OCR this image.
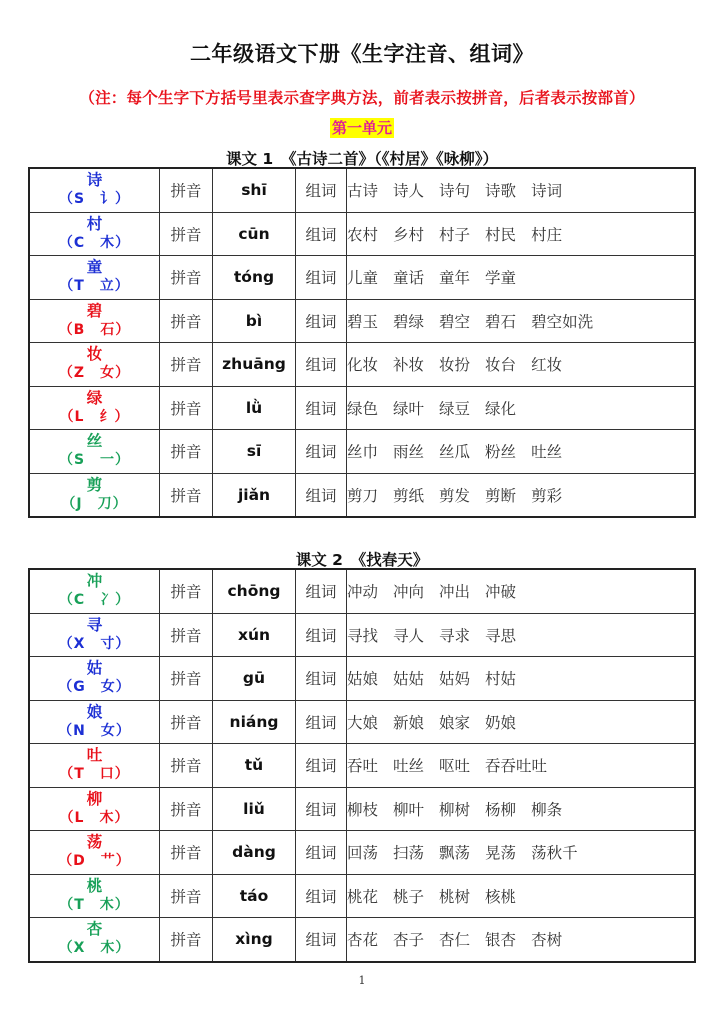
二年级语文下册《生字注音、组词》
（注：每个生字下方括号里表示查字典方法，前者表示按拼音，后者表示按部首）
第一单元
课文 1　《古诗二首》（《村居》《咏柳》）
诗
（S　讠）	拼音	shī	组词	古诗 诗人 诗句 诗歌 诗词

村
（C　木）	拼音	cūn	组词	农村 乡村 村子 村民 村庄

童
（T　立）	拼音	tóng	组词	儿童 童话 童年 学童

碧
（B　石）	拼音	bì	组词	碧玉 碧绿 碧空 碧石 碧空如洗

妆
（Z　女）	拼音	zhuāng	组词	化妆 补妆 妆扮 妆台 红妆

绿
（L　纟）	拼音	lǜ	组词	绿色 绿叶 绿豆 绿化

丝
（S　一）	拼音	sī	组词	丝巾 雨丝 丝瓜 粉丝 吐丝

剪
（J　刀）	拼音	jiǎn	组词	剪刀 剪纸 剪发 剪断 剪彩
课文 2　《找春天》
冲
（C　冫）	拼音	chōng	组词	冲动 冲向 冲出 冲破

寻
（X　寸）	拼音	xún	组词	寻找 寻人 寻求 寻思

姑
（G　女）	拼音	gū	组词	姑娘 姑姑 姑妈 村姑

娘
（N　女）	拼音	niáng	组词	大娘 新娘 娘家 奶娘

吐
（T　口）	拼音	tǔ	组词	吞吐 吐丝 呕吐 吞吞吐吐

柳
（L　木）	拼音	liǔ	组词	柳枝 柳叶 柳树 杨柳 柳条

荡
（D　艹）	拼音	dàng	组词	回荡 扫荡 飘荡 晃荡 荡秋千

桃
（T　木）	拼音	táo	组词	桃花 桃子 桃树 核桃

杏
（X　木）	拼音	xìng	组词	杏花 杏子 杏仁 银杏 杏树
1
